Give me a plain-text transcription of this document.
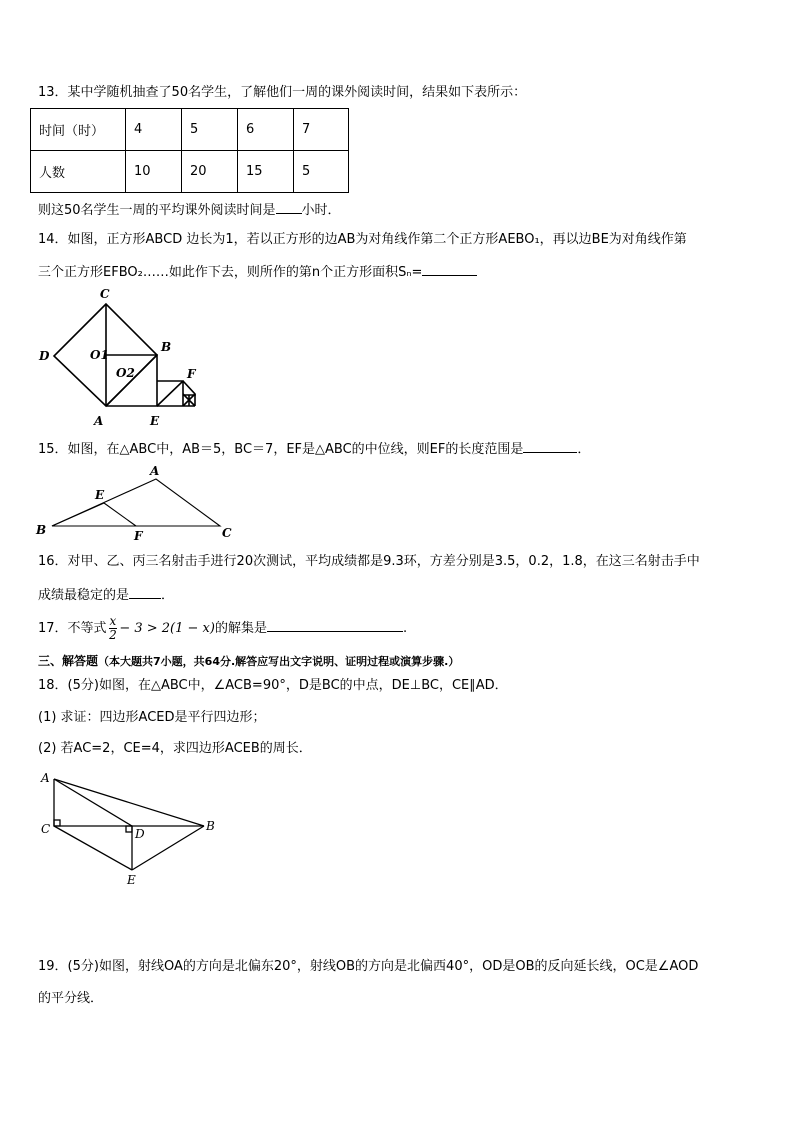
13．某中学随机抽查了50名学生，了解他们一周的课外阅读时间，结果如下表所示：
时间（时）	4	5	6	7
人数	10	20	15	5
则这50名学生一周的平均课外阅读时间是 小时．
14．如图，正方形ABCD 边长为1，若以正方形的边AB为对角线作第二个正方形AEBO₁，再以边BE为对角线作第
三个正方形EFBO₂……如此作下去，则所作的第n个正方形面积Sₙ=
C
D	O1
B
O2	F
A	E
15．如图，在△ABC中，AB＝5，BC＝7，EF是△ABC的中位线，则EF的长度范围是	．
A
E
B	F	C
16．对甲、乙、丙三名射击手进行20次测试，平均成绩都是9.3环，方差分别是3.5，0.2，1.8，在这三名射击手中
成绩最稳定的是 ．
17．不等式 $\frac{x}{2} - 3 > 2(1 - x)$的解集是	.
三、解答题（本大题共7小题，共64分.解答应写出文字说明、证明过程或演算步骤.）
18．(5分)如图，在△ABC中，∠ACB=90°，D是BC的中点，DE⊥BC，CE∥AD．
(1) 求证：四边形ACED是平行四边形；
(2) 若AC=2，CE=4，求四边形ACEB的周长．
A
C	D
B
E
19．(5分)如图，射线OA的方向是北偏东20°，射线OB的方向是北偏西40°，OD是OB的反向延长线，OC是∠AOD
的平分线．
